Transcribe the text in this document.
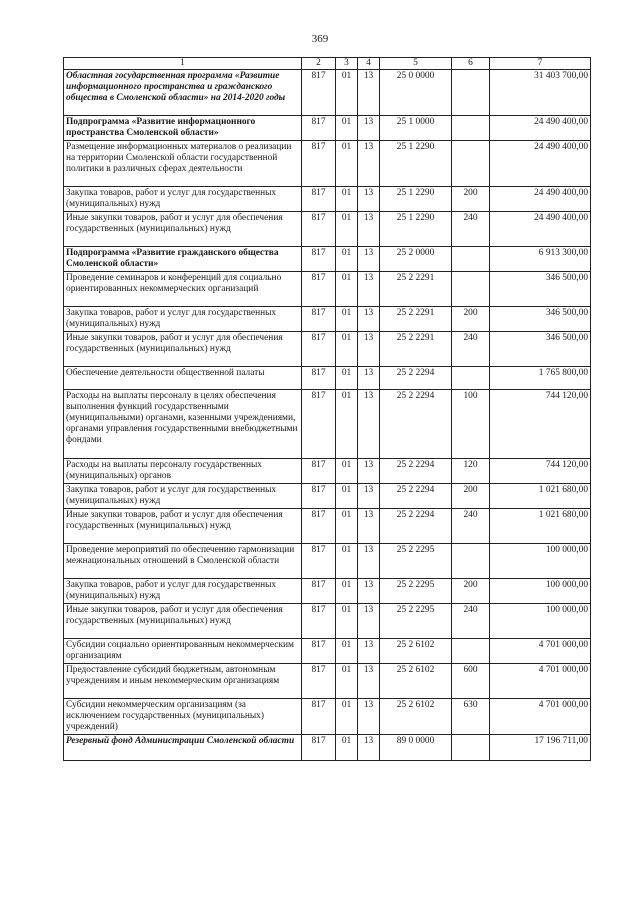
369
1	2	3	4	5	6	7
Областная государственная программа «Развитие информационного пространства и гражданского общества в Смоленской области» на 2014-2020 годы	817	01	13	25 0 0000		31 403 700,00
Подпрограмма «Развитие информационного пространства Смоленской области»	817	01	13	25 1 0000		24 490 400,00
Размещение информационных материалов о реализации на территории Смоленской области государственной политики в различных сферах деятельности	817	01	13	25 1 2290		24 490 400,00
Закупка товаров, работ и услуг для государственных (муниципальных) нужд	817	01	13	25 1 2290	200	24 490 400,00
Иные закупки товаров, работ и услуг для обеспечения государственных (муниципальных) нужд	817	01	13	25 1 2290	240	24 490 400,00
Подпрограмма «Развитие гражданского общества Смоленской области»	817	01	13	25 2 0000		6 913 300,00
Проведение семинаров и конференций для социально ориентированных некоммерческих организаций	817	01	13	25 2 2291		346 500,00
Закупка товаров, работ и услуг для государственных (муниципальных) нужд	817	01	13	25 2 2291	200	346 500,00
Иные закупки товаров, работ и услуг для обеспечения государственных (муниципальных) нужд	817	01	13	25 2 2291	240	346 500,00
Обеспечение деятельности общественной палаты	817	01	13	25 2 2294		1 765 800,00
Расходы на выплаты персоналу в целях обеспечения выполнения функций государственными (муниципальными) органами, казенными учреждениями, органами управления государственными внебюджетными фондами	817	01	13	25 2 2294	100	744 120,00
Расходы на выплаты персоналу государственных (муниципальных) органов	817	01	13	25 2 2294	120	744 120,00
Закупка товаров, работ и услуг для государственных (муниципальных) нужд	817	01	13	25 2 2294	200	1 021 680,00
Иные закупки товаров, работ и услуг для обеспечения государственных (муниципальных) нужд	817	01	13	25 2 2294	240	1 021 680,00
Проведение мероприятий по обеспечению гармонизации межнациональных отношений в Смоленской области	817	01	13	25 2 2295		100 000,00
Закупка товаров, работ и услуг для государственных (муниципальных) нужд	817	01	13	25 2 2295	200	100 000,00
Иные закупки товаров, работ и услуг для обеспечения государственных (муниципальных) нужд	817	01	13	25 2 2295	240	100 000,00
Субсидии социально ориентированным некоммерческим организациям	817	01	13	25 2 6102		4 701 000,00
Предоставление субсидий бюджетным, автономным учреждениям и иным некоммерческим организациям	817	01	13	25 2 6102	600	4 701 000,00
Субсидии некоммерческим организациям (за исключением государственных (муниципальных) учреждений)	817	01	13	25 2 6102	630	4 701 000,00
Резервный фонд Администрации Смоленской области	817	01	13	89 0 0000		17 196 711,00
